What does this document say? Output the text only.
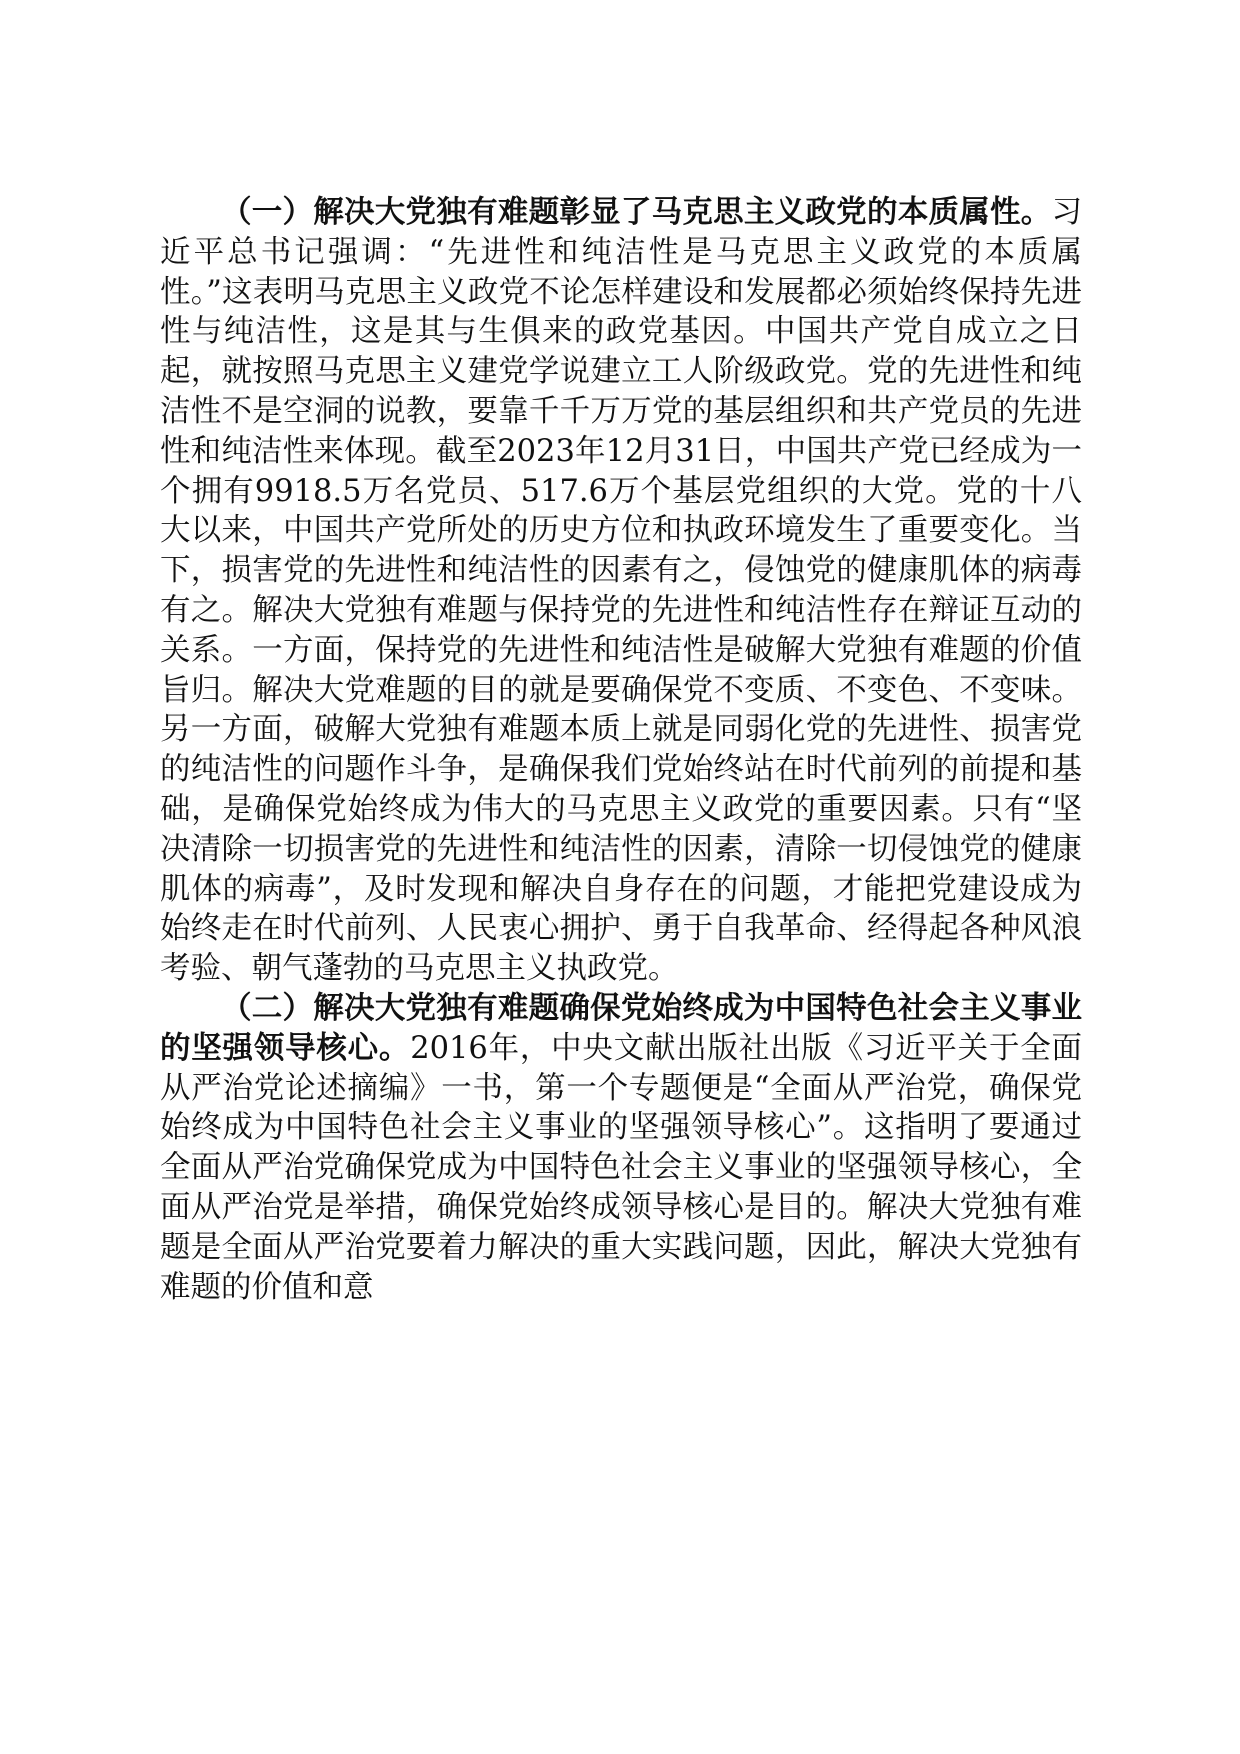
（一）解决大党独有难题彰显了马克思主义政党的本质属性。习近平总书记强调：“先进性和纯洁性是马克思主义政党的本质属性。”这表明马克思主义政党不论怎样建设和发展都必须始终保持先进性与纯洁性，这是其与生俱来的政党基因。中国共产党自成立之日起，就按照马克思主义建党学说建立工人阶级政党。党的先进性和纯洁性不是空洞的说教，要靠千千万万党的基层组织和共产党员的先进性和纯洁性来体现。截至2023年12月31日，中国共产党已经成为一个拥有9918.5万名党员、517.6万个基层党组织的大党。党的十八大以来，中国共产党所处的历史方位和执政环境发生了重要变化。当下，损害党的先进性和纯洁性的因素有之，侵蚀党的健康肌体的病毒有之。解决大党独有难题与保持党的先进性和纯洁性存在辩证互动的关系。一方面，保持党的先进性和纯洁性是破解大党独有难题的价值旨归。解决大党难题的目的就是要确保党不变质、不变色、不变味。另一方面，破解大党独有难题本质上就是同弱化党的先进性、损害党的纯洁性的问题作斗争，是确保我们党始终站在时代前列的前提和基础，是确保党始终成为伟大的马克思主义政党的重要因素。只有“坚决清除一切损害党的先进性和纯洁性的因素，清除一切侵蚀党的健康肌体的病毒”，及时发现和解决自身存在的问题，才能把党建设成为始终走在时代前列、人民衷心拥护、勇于自我革命、经得起各种风浪考验、朝气蓬勃的马克思主义执政党。

（二）解决大党独有难题确保党始终成为中国特色社会主义事业的坚强领导核心。2016年，中央文献出版社出版《习近平关于全面从严治党论述摘编》一书，第一个专题便是“全面从严治党，确保党始终成为中国特色社会主义事业的坚强领导核心”。这指明了要通过全面从严治党确保党成为中国特色社会主义事业的坚强领导核心，全面从严治党是举措，确保党始终成领导核心是目的。解决大党独有难题是全面从严治党要着力解决的重大实践问题，因此，解决大党独有难题的价值和意
